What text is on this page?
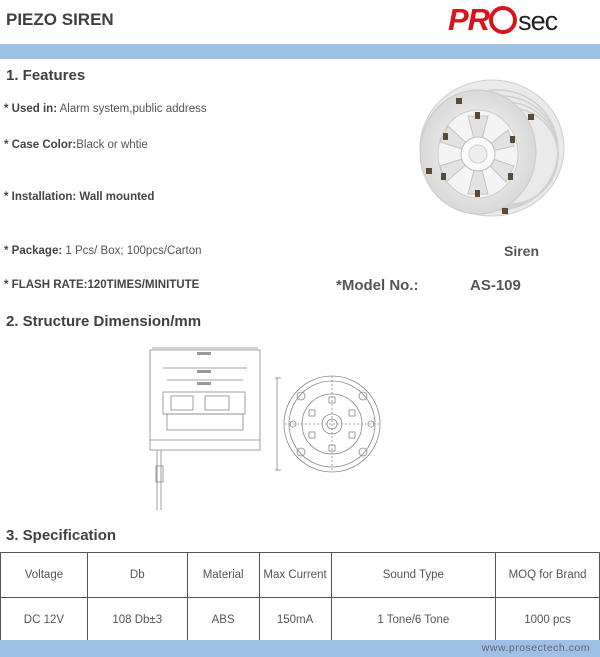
PIEZO SIREN	PR sec
1. Features
* Used in: Alarm system,public address
* Case Color:Black or whtie
* Installation: Wall mounted
* Package: 1 Pcs/ Box; 100pcs/Carton
* FLASH RATE:120TIMES/MINITUTE
Siren
*Model No.:	AS-109
2. Structure Dimension/mm
3. Specification
Voltage	Db	Material	Max Current	Sound Type	MOQ for Brand
DC 12V	108 Db±3	ABS	150mA	1 Tone/6 Tone	1000 pcs
www.prosectech.com
